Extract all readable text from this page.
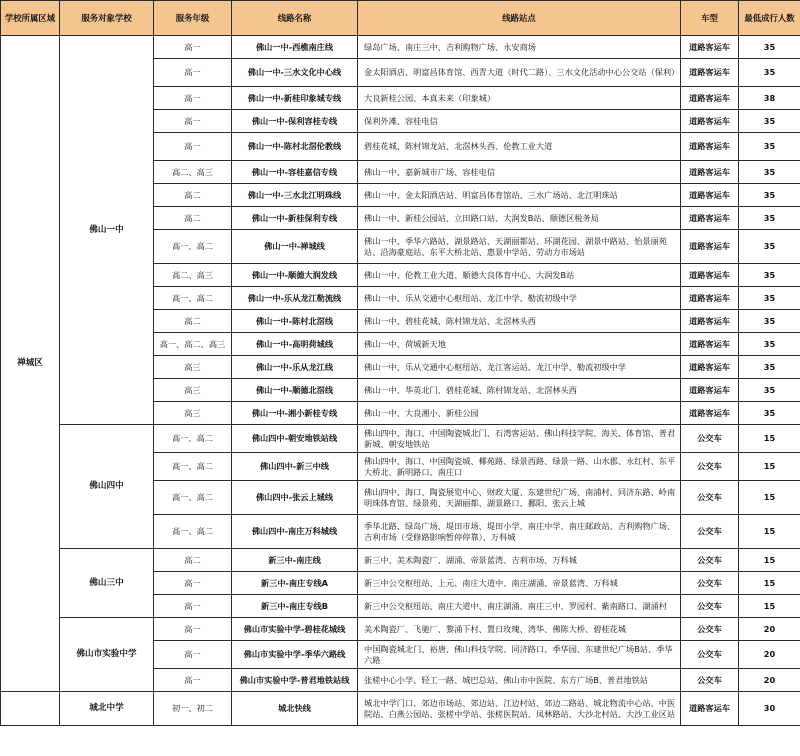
学校所属区域	服务对象学校	服务年级	线路名称	线路站点	车型	最低成行人数
禅城区	佛山一中	高一	佛山一中-西樵南庄线	绿岛广场、南庄三中、吉利购物广场、永安商场	道路客运车	35
		高一	佛山一中-三水文化中心线	金太阳酒店、明富昌体育馆、西青大道（时代二路）、三水文化活动中心公交站（保利）	道路客运车	35
		高一	佛山一中-新桂印象城专线	大良新桂公园、本真未来（印象城）	道路客运车	38
		高一	佛山一中-保利容桂专线	保利外滩、容桂电信	道路客运车	35
		高一	佛山一中-陈村北滘伦教线	碧桂花城、陈村锦龙站、北滘林头西、伦教工业大道	道路客运车	35
		高二、高三	佛山一中-容桂嘉信专线	佛山一中、嘉新城市广场、容桂电信	道路客运车	35
		高二	佛山一中-三水北江明珠线	佛山一中、金太阳酒店站、明富昌体育馆站、三水广场站、北江明珠站	道路客运车	35
		高二	佛山一中-新桂保利专线	佛山一中、新桂公园站、立田路口站、大润发B站、顺德区税务局	道路客运车	35
		高一、高二	佛山一中-禅城线	佛山一中、季华六路站、湖景路站、天湖丽都站、环湖花园、湖景中路站、怡景丽苑站、沿海豪庭站、东平大桥北站、惠景中学站、劳动力市场站	道路客运车	35
		高二、高三	佛山一中-顺德大润发线	佛山一中、伦教工业大道、顺德大良体育中心、大润发B站	道路客运车	35
		高一、高二	佛山一中-乐从龙江勒流线	佛山一中、乐从交通中心枢纽站、龙江中学、勒流初级中学	道路客运车	35
		高二	佛山一中-陈村北滘线	佛山一中、碧桂花城、陈村锦龙站、北滘林头西	道路客运车	35
		高一、高二、高三	佛山一中-高明荷城线	佛山一中、荷城新天地	道路客运车	35
		高三	佛山一中-乐从龙江线	佛山一中、乐从交通中心枢纽站、龙江客运站、龙江中学、勒流初级中学	道路客运车	35
		高三	佛山一中-顺德北滘线	佛山一中、华英北门、碧桂花城、陈村锦龙站、北滘林头西	道路客运车	35
		高三	佛山一中-湘小新桂专线	佛山一中、大良湘小、新桂公园	道路客运车	35
	佛山四中	高一、高二	佛山四中-朝安地铁站线	佛山四中、海口、中国陶瓷城北门、石湾客运站、佛山科技学院、海关、体育馆、普君新城、朝安地铁站	公交车	15
		高一、高二	佛山四中-新三中线	佛山四中、海口、中国陶瓷城、椰苑路、绿景西路、绿景一路、山水郡、永红村、东平大桥北、新明路口、南庄口	公交车	15
		高一、高二	佛山四中-张云上城线	佛山四中、海口、陶瓷展览中心、财政大厦、东建世纪广场、南浦村、同济东路、岭南明珠体育馆、绿景苑、天湖丽都、湖景路口、鄱阳、张云上城	公交车	15
		高一、高二	佛山四中-南庄万科城线	季华北路、绿岛广场、堤田市场、堤田小学、南庄中学、南庄邮政站、吉利购物广场、吉利市场（受修路影响暂停停靠）、万科城	公交车	15
	佛山三中	高二	新三中-南庄线	新三中、美术陶瓷厂、湖涌、帝景蓝湾、吉利市场、万科城	公交车	15
		高一	新三中-南庄专线A	新三中公交枢纽站、上元、南庄大道中、南庄湖涌、帝景蓝湾、万科城	公交车	15
		高一	新三中-南庄专线B	新三中公交枢纽站、南庄大道中、南庄湖涌、南庄三中、罗园村、紫南路口、湖涌村	公交车	15
	佛山市实验中学	高一	佛山市实验中学-碧桂花城线	美术陶瓷厂、飞驰厂、黎涌下村、置日玫瑰、湾华、佛陈大桥、碧桂花城	公交车	20
		高一	佛山市实验中学-季华六路线	中国陶瓷城北门、裕唐、佛山科技学院、同济路口、季华园、东建世纪广场B站、季华六路	公交车	20
		高一	佛山市实验中学-普君地铁站线	张槎中心小学、轻工一路、城巴总站、佛山市中医院、东方广场B、普君地铁站	公交车	20
	城北中学	初一、初二	城北快线	城北中学门口、郊边市场站、郊边站、江边村站、郊边二路站、城北物流中心站、中医院站、白燕公园站、张槎中学站、张槎医院站、凤林路站、大沙北村站、大沙工业区站	道路客运车	30
